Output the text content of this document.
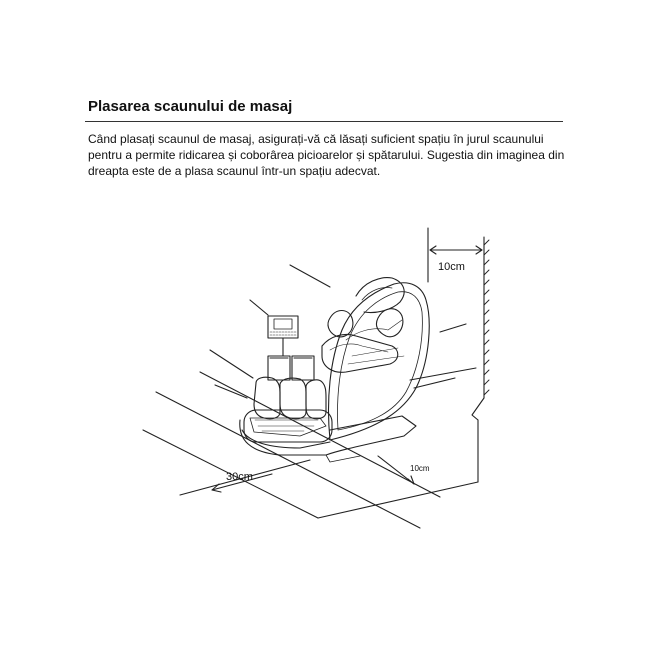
Plasarea scaunului de masaj

Când plasați scaunul de masaj, asigurați-vă că lăsați suficient spațiu în jurul scaunului pentru a permite ridicarea și coborârea picioarelor și spătarului. Sugestia din imaginea din dreapta este de a plasa scaunul într-un spațiu adecvat.

10cm
30cm
10cm
